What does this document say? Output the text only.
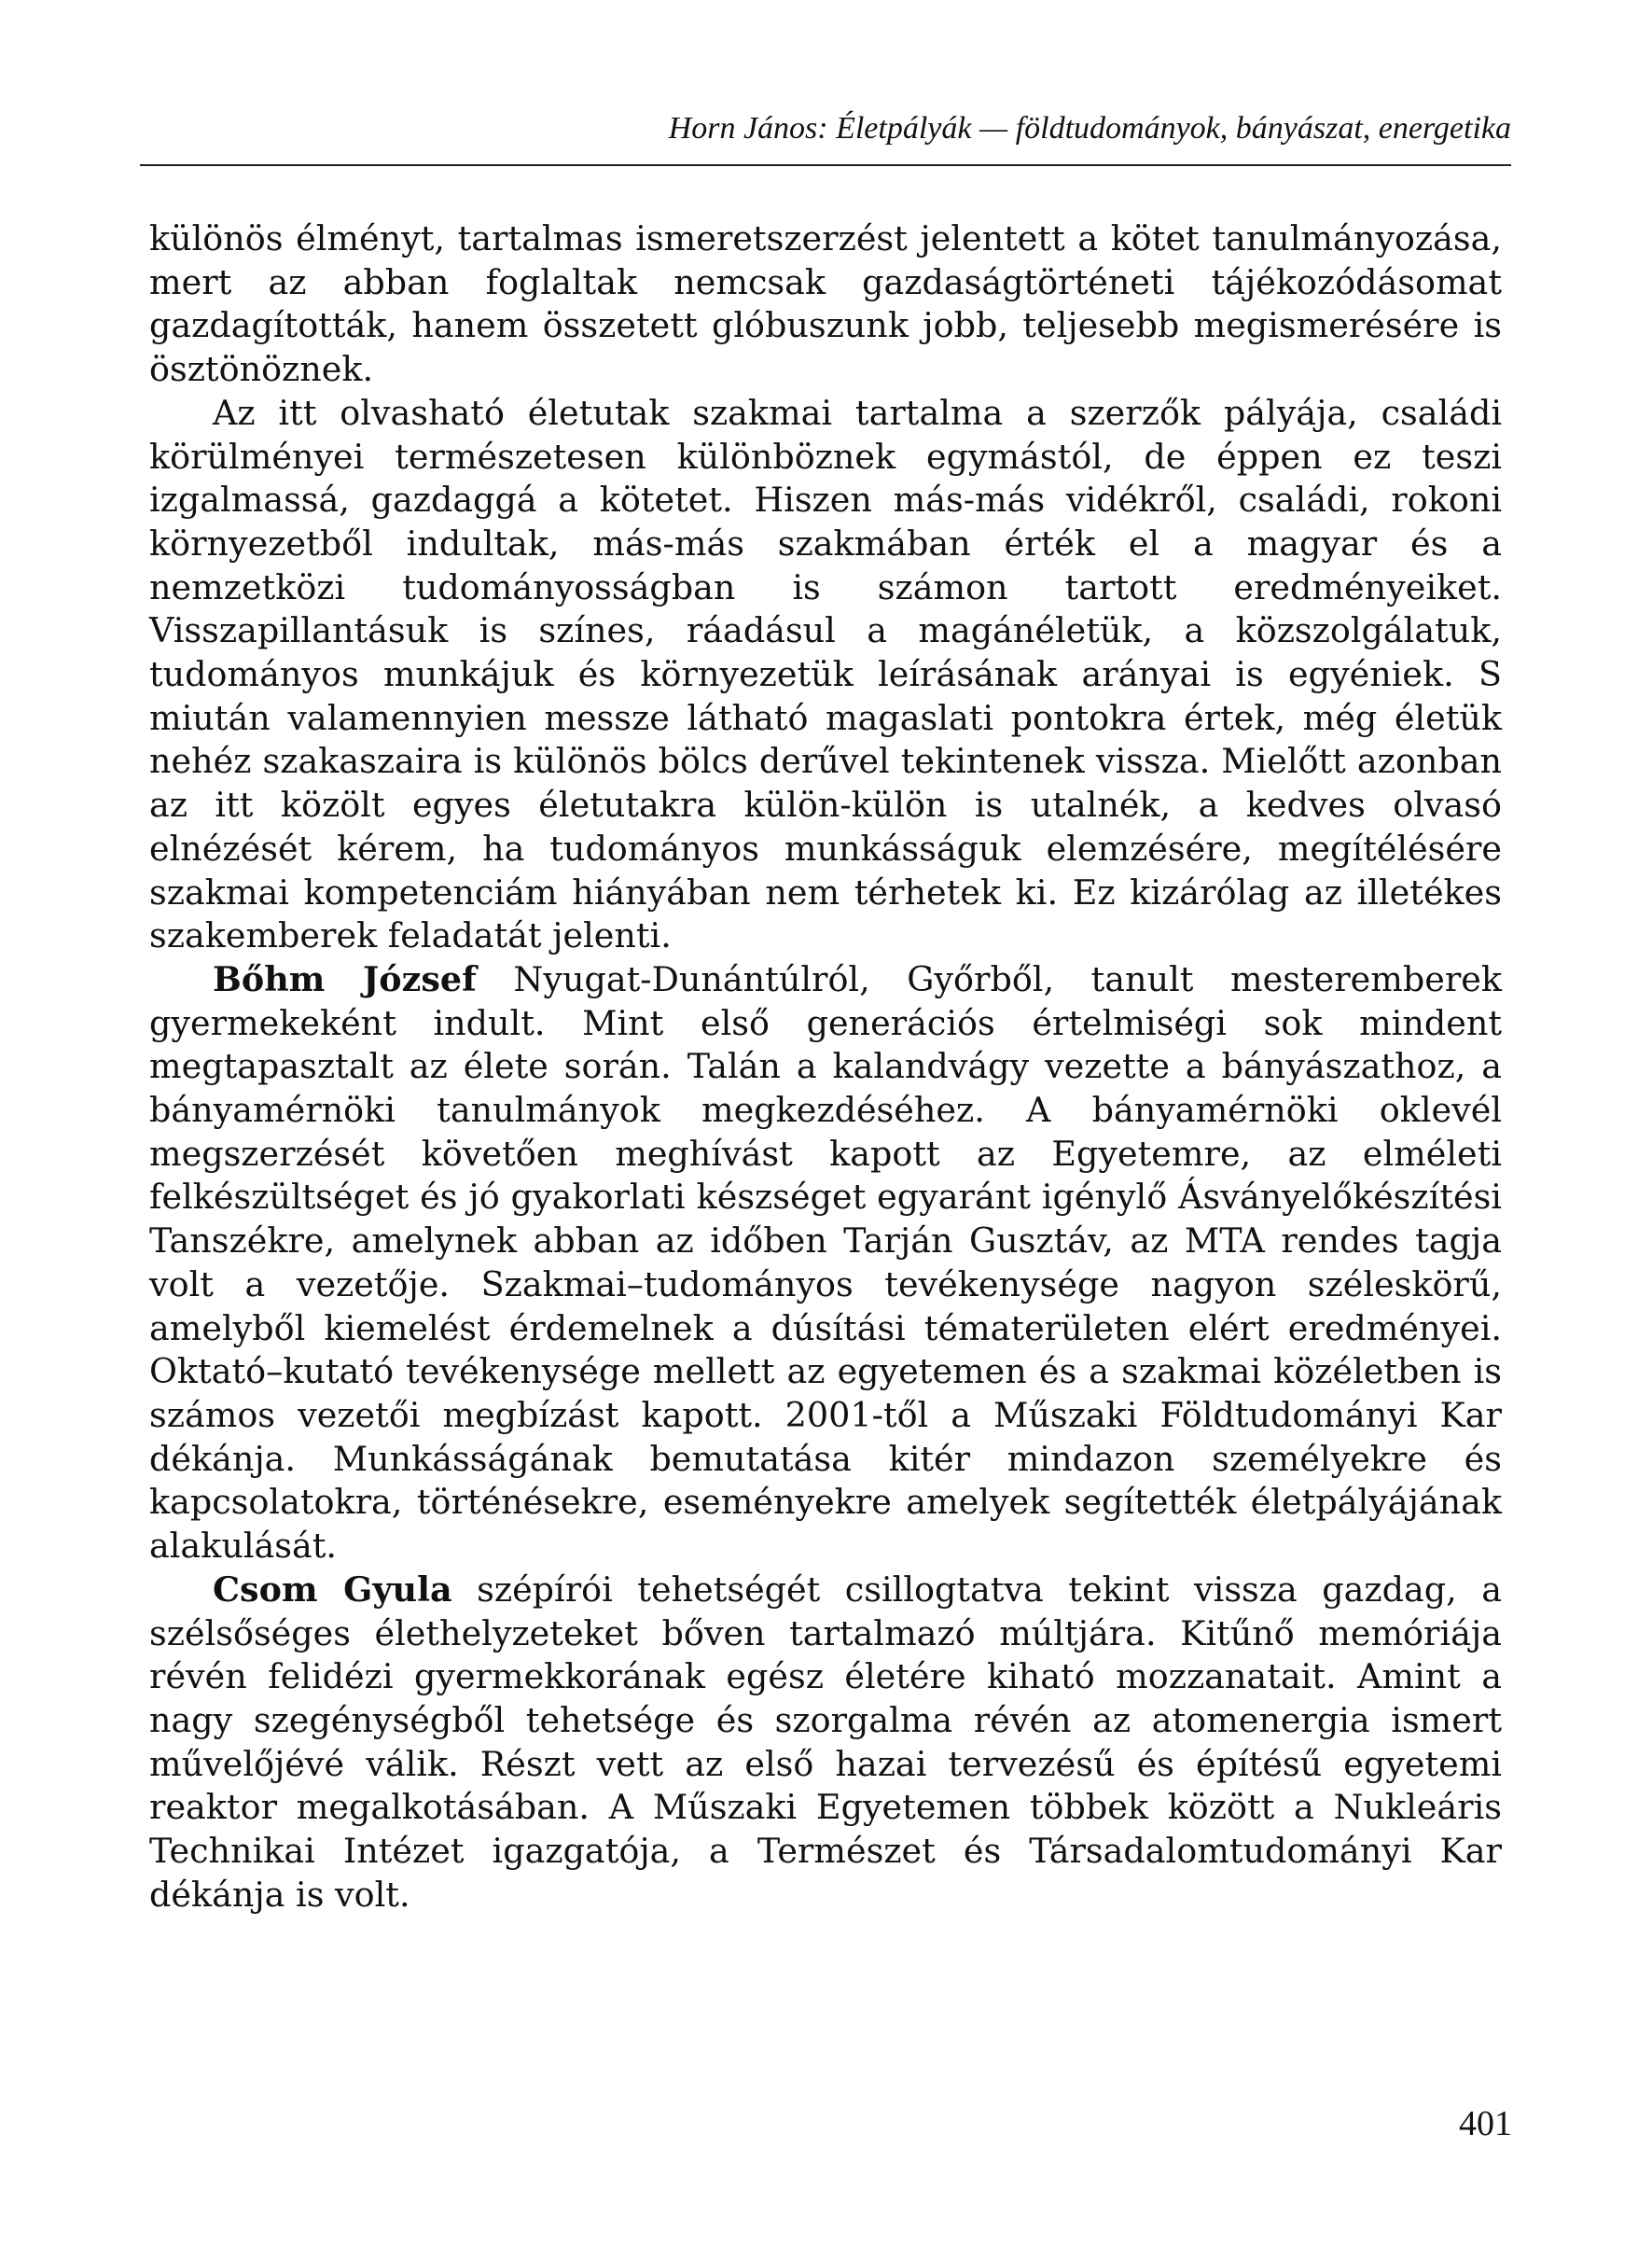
Horn János: Életpályák — földtudományok, bányászat, energetika

különös élményt, tartalmas ismeretszerzést jelentett a kötet tanulmányozása, mert az abban foglaltak nemcsak gazdaságtörténeti tájékozódásomat gazdagították, hanem összetett glóbuszunk jobb, teljesebb megismerésére is ösztönöznek.

Az itt olvasható életutak szakmai tartalma a szerzők pályája, családi körülményei természetesen különböznek egymástól, de éppen ez teszi izgalmassá, gazdaggá a kötetet. Hiszen más-más vidékről, családi, rokoni környezetből indultak, más-más szakmában érték el a magyar és a nemzetközi tudományosságban is számon tartott eredményeiket. Visszapillantásuk is színes, ráadásul a magánéletük, a közszolgálatuk, tudományos munkájuk és környezetük leírásának arányai is egyéniek. S miután valamennyien messze látható magaslati pontokra értek, még életük nehéz szakaszaira is különös bölcs derűvel tekintenek vissza. Mielőtt azonban az itt közölt egyes életutakra külön-külön is utalnék, a kedves olvasó elnézését kérem, ha tudományos munkásságuk elemzésére, megítélésére szakmai kompetenciám hiányában nem térhetek ki. Ez kizárólag az illetékes szakemberek feladatát jelenti.

Bőhm József Nyugat-Dunántúlról, Győrből, tanult mesteremberek gyermekeként indult. Mint első generációs értelmiségi sok mindent megtapasztalt az élete során. Talán a kalandvágy vezette a bányászathoz, a bányamérnöki tanulmányok megkezdéséhez. A bányamérnöki oklevél megszerzését követően meghívást kapott az Egyetemre, az elméleti felkészültséget és jó gyakorlati készséget egyaránt igénylő Ásványelőkészítési Tanszékre, amelynek abban az időben Tarján Gusztáv, az MTA rendes tagja volt a vezetője. Szakmai–tudományos tevékenysége nagyon széleskörű, amelyből kiemelést érdemelnek a dúsítási tématerületen elért eredményei. Oktató–kutató tevékenysége mellett az egyetemen és a szakmai közéletben is számos vezetői megbízást kapott. 2001-től a Műszaki Földtudományi Kar dékánja. Munkásságának bemutatása kitér mindazon személyekre és kapcsolatokra, történésekre, eseményekre amelyek segítették életpályájának alakulását.

Csom Gyula szépírói tehetségét csillogtatva tekint vissza gazdag, a szélsőséges élethelyzeteket bőven tartalmazó múltjára. Kitűnő memóriája révén felidézi gyermekkorának egész életére kiható mozzanatait. Amint a nagy szegénységből tehetsége és szorgalma révén az atomenergia ismert művelőjévé válik. Részt vett az első hazai tervezésű és építésű egyetemi reaktor megalkotásában. A Műszaki Egyetemen többek között a Nukleáris Technikai Intézet igazgatója, a Természet és Társadalomtudományi Kar dékánja is volt.

401
